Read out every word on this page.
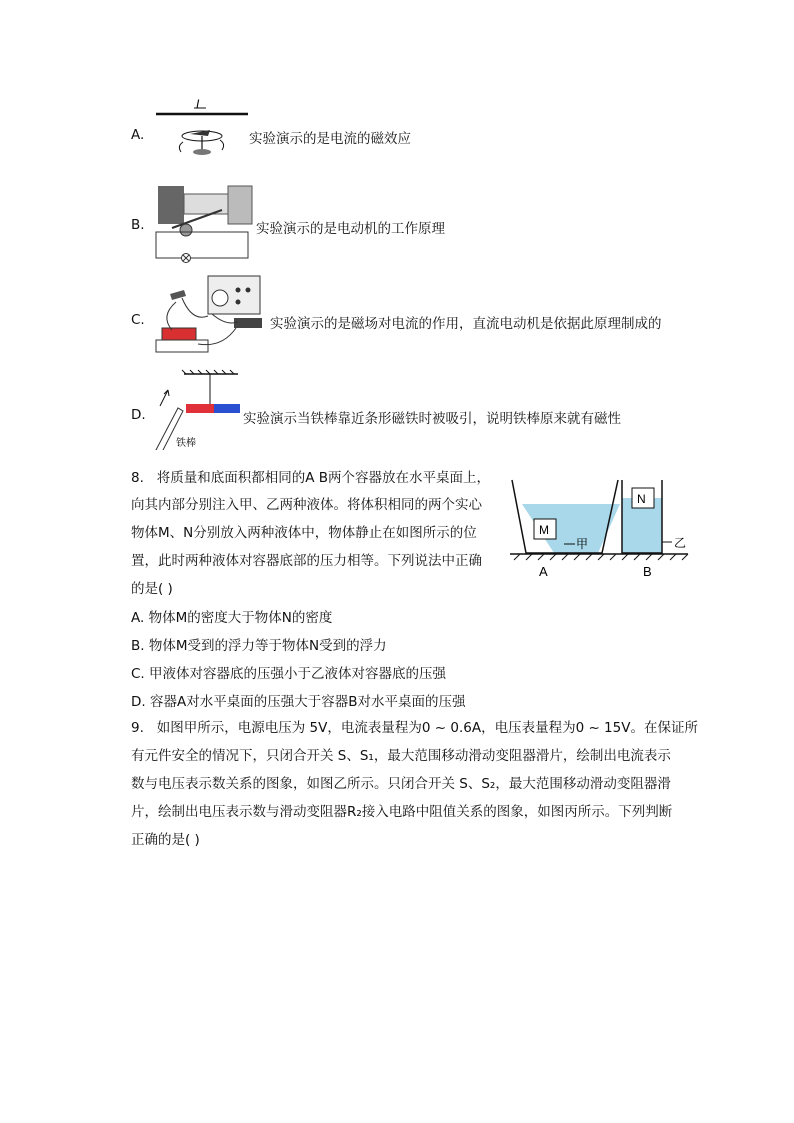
A.
I
实验演示的是电流的磁效应
B.	实验演示的是电动机的工作原理
C.	实验演示的是磁场对电流的作用，直流电动机是依据此原理制成的
D.
铁棒
实验演示当铁棒靠近条形磁铁时被吸引，说明铁棒原来就有磁性
8. 将质量和底面积都相同的A B两个容器放在水平桌面上，
向其内部分别注入甲、乙两种液体。将体积相同的两个实心
物体M、N分别放入两种液体中，物体静止在如图所示的位
置，此时两种液体对容器底部的压力相等。下列说法中正确
的是( )
M
甲
N
乙
A	B
A. 物体M的密度大于物体N的密度
B. 物体M受到的浮力等于物体N受到的浮力
C. 甲液体对容器底的压强小于乙液体对容器底的压强
D. 容器A对水平桌面的压强大于容器B对水平桌面的压强
9. 如图甲所示，电源电压为 5V，电流表量程为0 ~ 0.6A，电压表量程为0 ~ 15V。在保证所
有元件安全的情况下，只闭合开关 S、S₁，最大范围移动滑动变阻器滑片，绘制出电流表示
数与电压表示数关系的图象，如图乙所示。只闭合开关 S、S₂，最大范围移动滑动变阻器滑
片，绘制出电压表示数与滑动变阻器R₂接入电路中阻值关系的图象，如图丙所示。下列判断
正确的是( )
